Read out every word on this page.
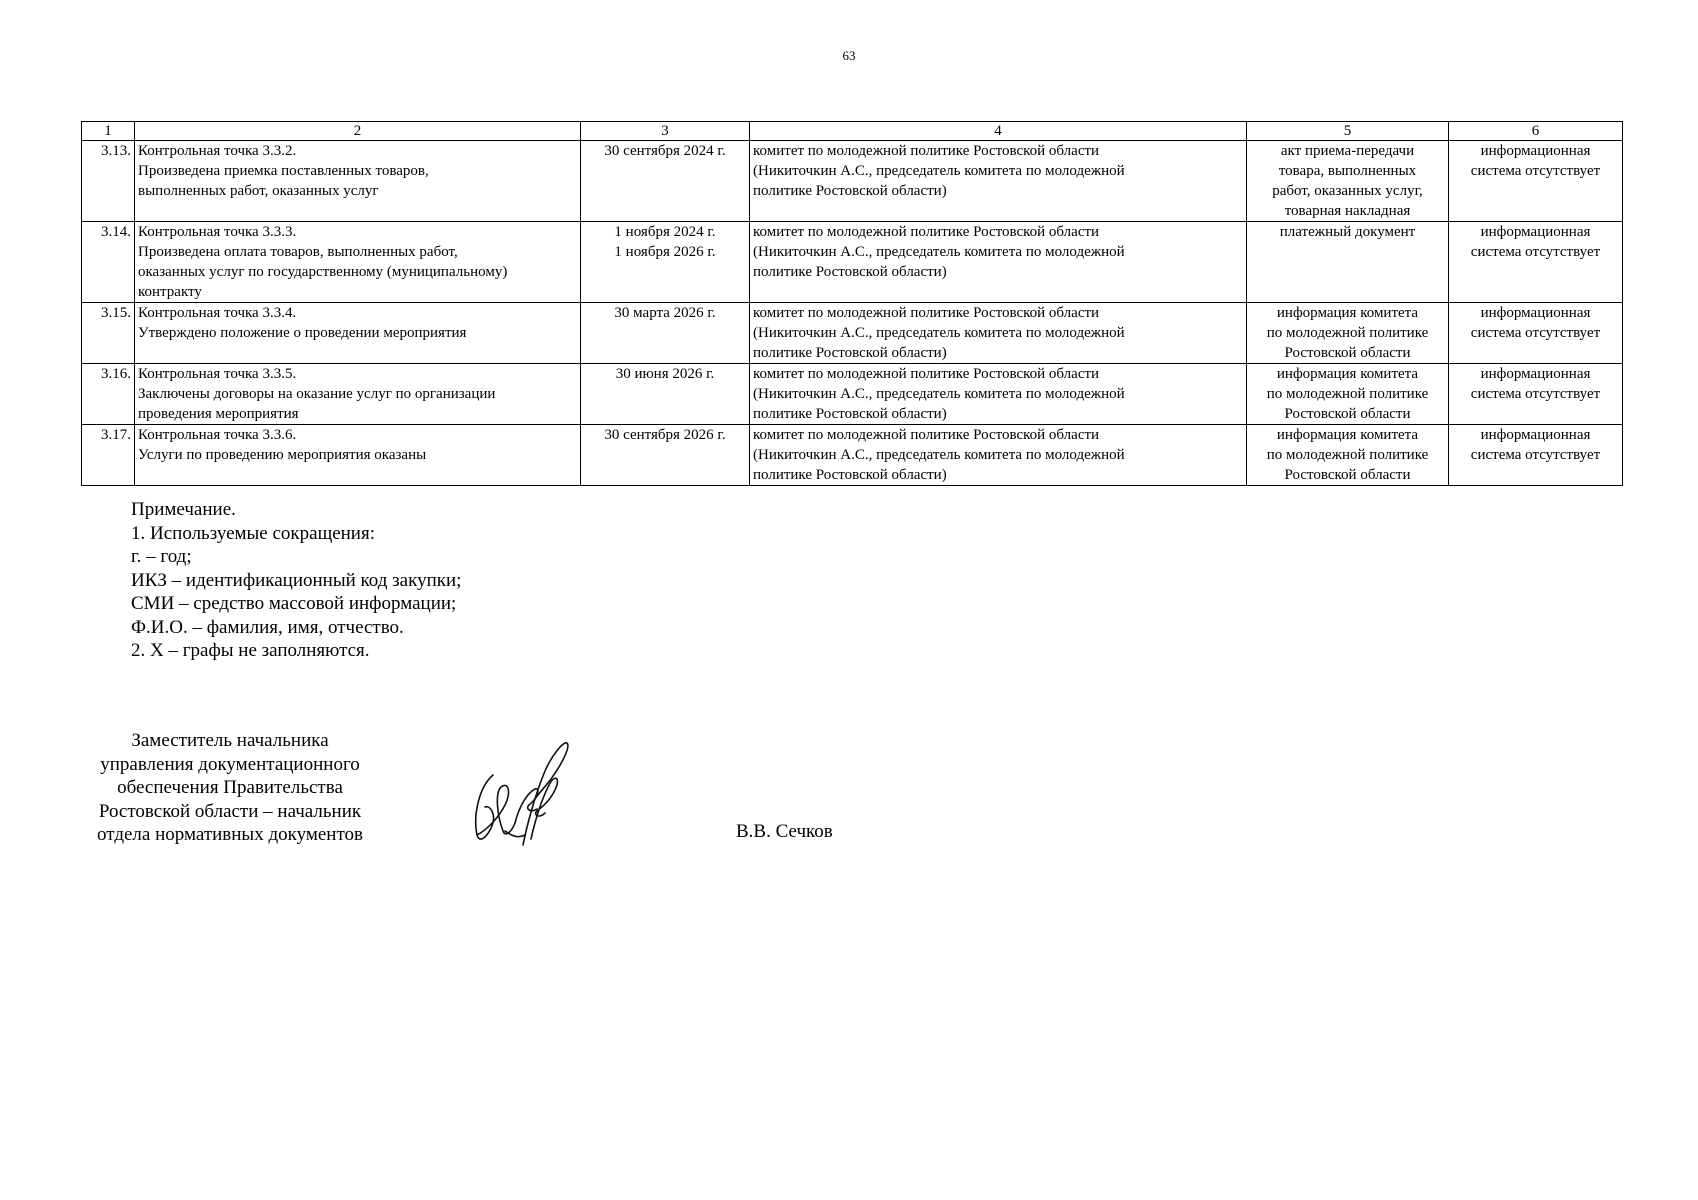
63
1	2	3	4	5	6
3.13.	Контрольная точка 3.3.2.
Произведена приемка поставленных товаров,
выполненных работ, оказанных услуг	30 сентября 2024 г.	комитет по молодежной политике Ростовской области
(Никиточкин А.С., председатель комитета по молодежной
политике Ростовской области)	акт приема-передачи
товара, выполненных
работ, оказанных услуг,
товарная накладная	информационная
система отсутствует

3.14.	Контрольная точка 3.3.3.
Произведена оплата товаров, выполненных работ,
оказанных услуг по государственному (муниципальному)
контракту	1 ноября 2024 г.
1 ноября 2026 г.	комитет по молодежной политике Ростовской области
(Никиточкин А.С., председатель комитета по молодежной
политике Ростовской области)	платежный документ	информационная
система отсутствует

3.15.	Контрольная точка 3.3.4.
Утверждено положение о проведении мероприятия	30 марта 2026 г.	комитет по молодежной политике Ростовской области
(Никиточкин А.С., председатель комитета по молодежной
политике Ростовской области)	информация комитета
по молодежной политике
Ростовской области	информационная
система отсутствует

3.16.	Контрольная точка 3.3.5.
Заключены договоры на оказание услуг по организации
проведения мероприятия	30 июня 2026 г.	комитет по молодежной политике Ростовской области
(Никиточкин А.С., председатель комитета по молодежной
политике Ростовской области)	информация комитета
по молодежной политике
Ростовской области	информационная
система отсутствует

3.17.	Контрольная точка 3.3.6.
Услуги по проведению мероприятия оказаны	30 сентября 2026 г.	комитет по молодежной политике Ростовской области
(Никиточкин А.С., председатель комитета по молодежной
политике Ростовской области)	информация комитета
по молодежной политике
Ростовской области	информационная
система отсутствует
Примечание.
1. Используемые сокращения:
г. – год;
ИКЗ – идентификационный код закупки;
СМИ – средство массовой информации;
Ф.И.О. – фамилия, имя, отчество.
2. X – графы не заполняются.
Заместитель начальника
управления документационного
обеспечения Правительства
Ростовской области – начальник
отдела нормативных документов	В.В. Сечков
